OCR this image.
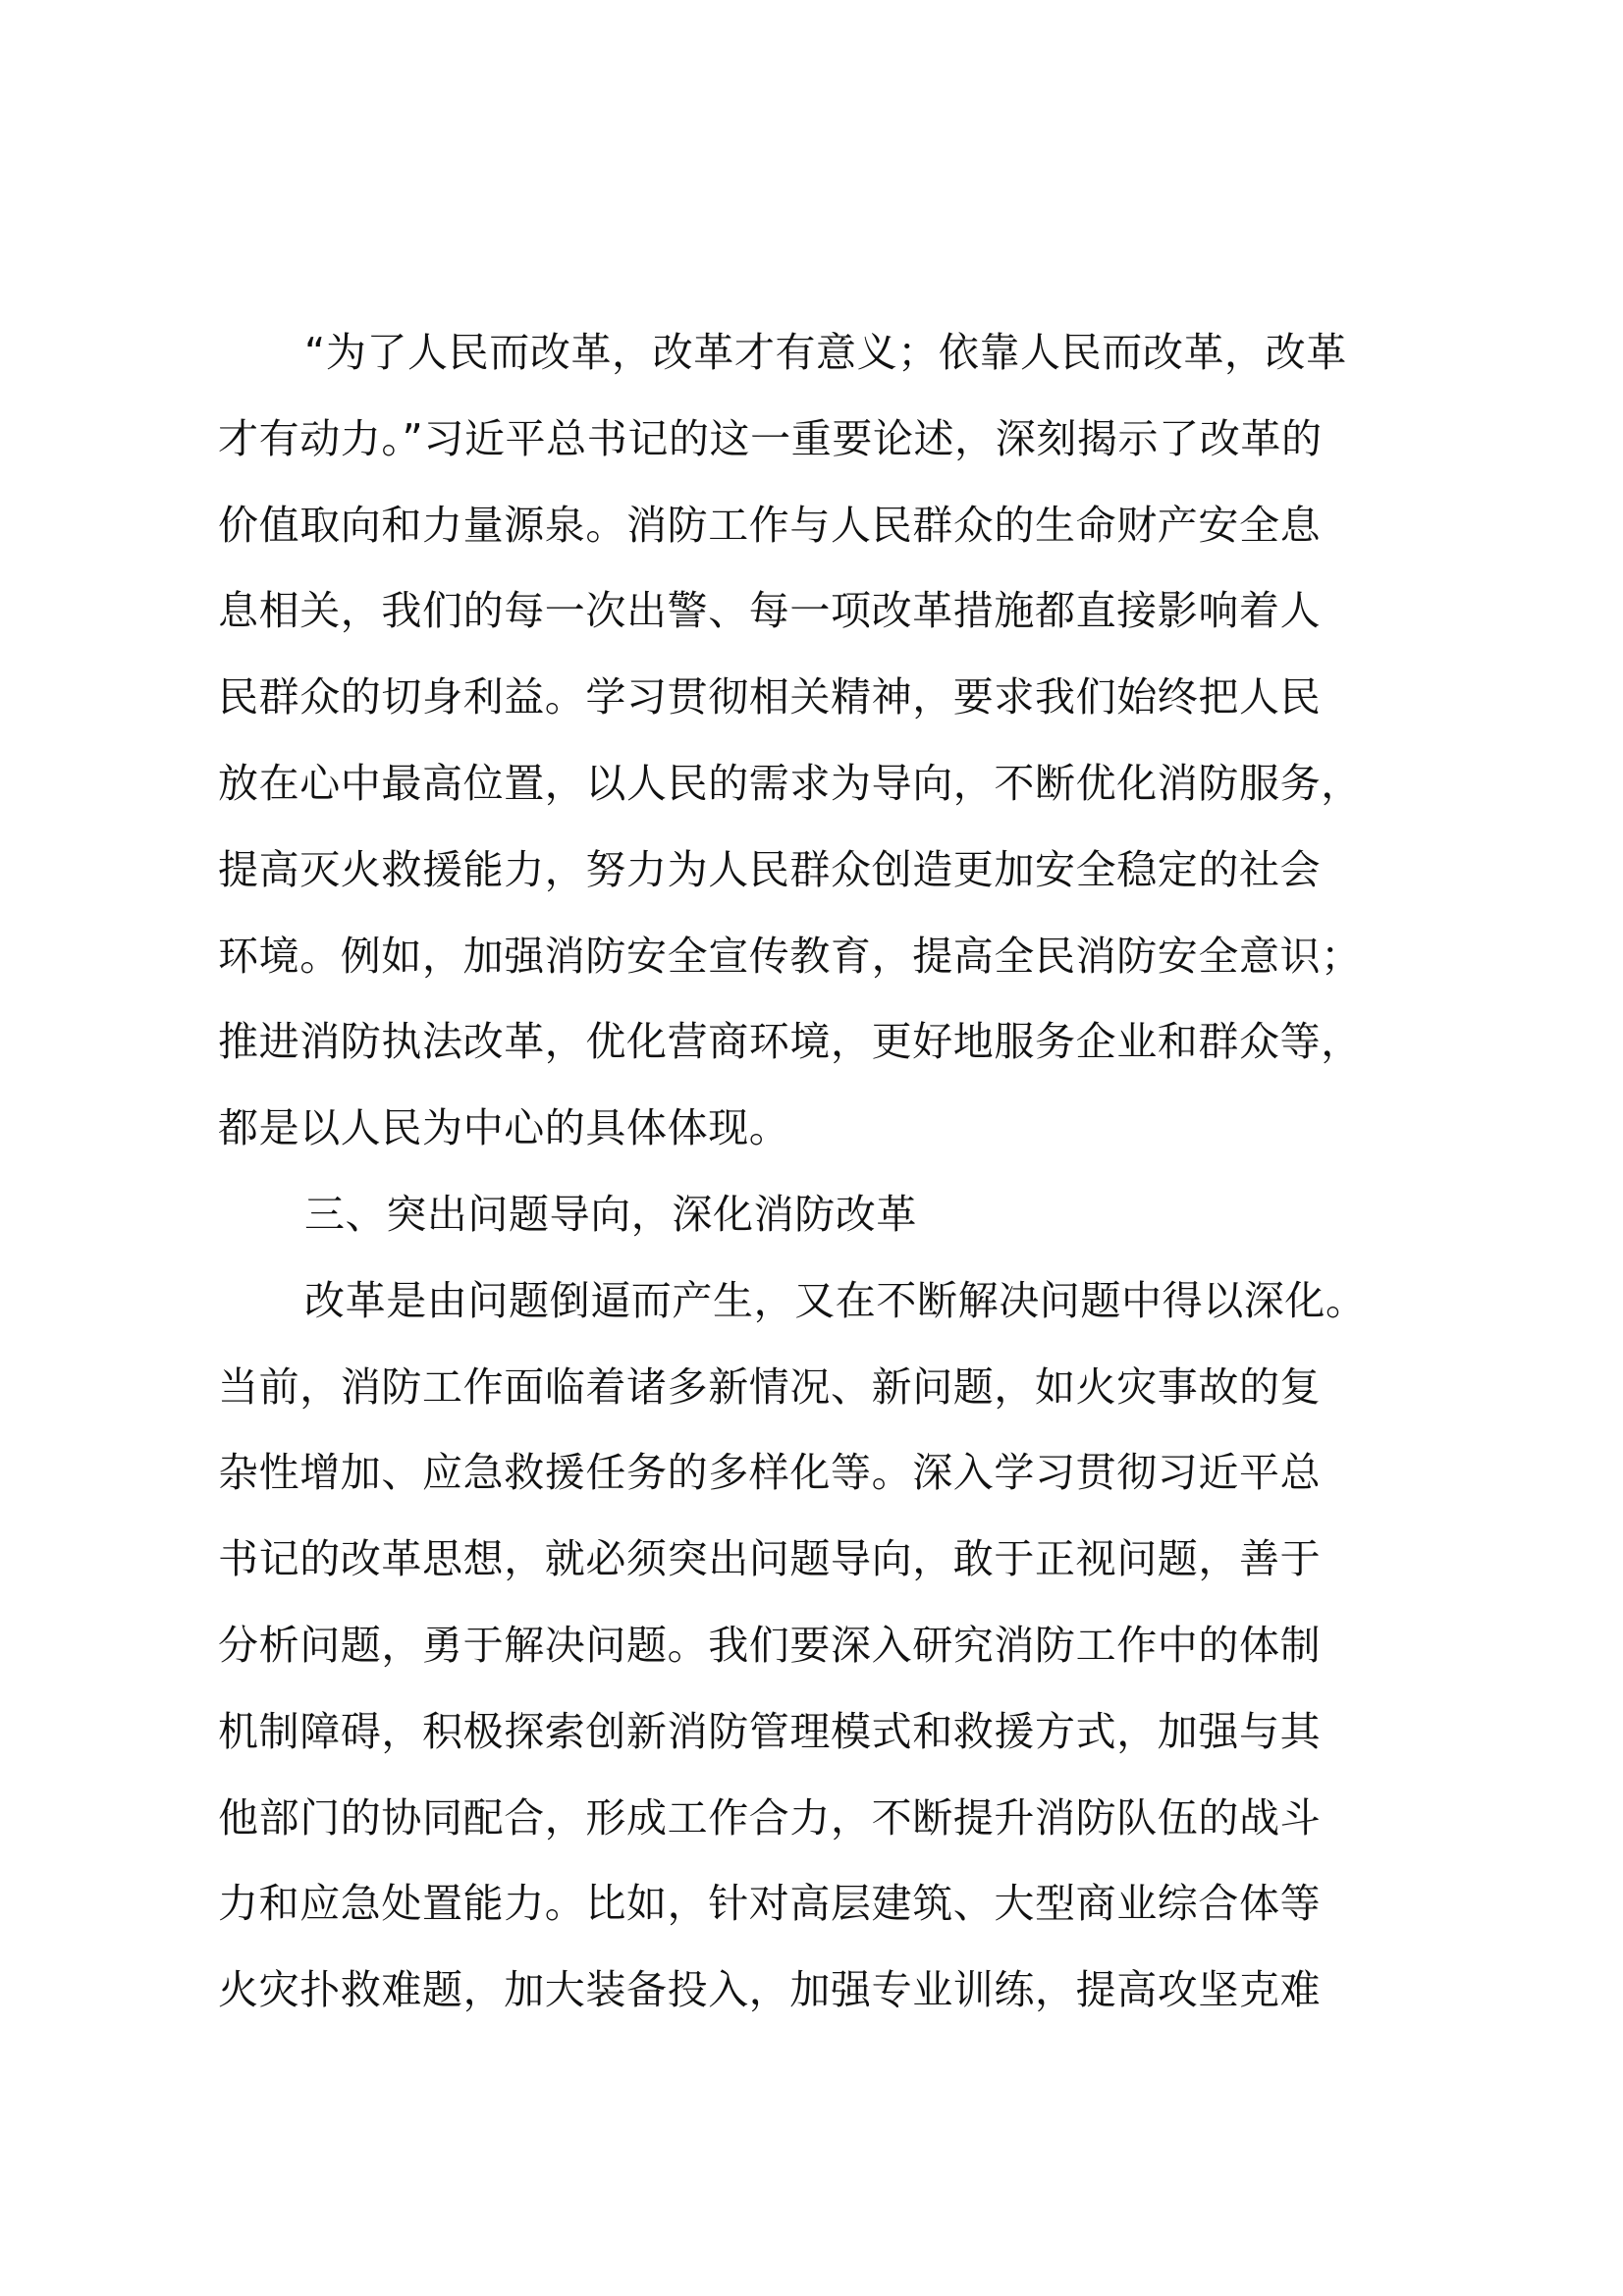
“为了人民而改革，改革才有意义；依靠人民而改革，改革
才有动力。”习近平总书记的这一重要论述，深刻揭示了改革的
价值取向和力量源泉。消防工作与人民群众的生命财产安全息
息相关，我们的每一次出警、每一项改革措施都直接影响着人
民群众的切身利益。学习贯彻相关精神，要求我们始终把人民
放在心中最高位置，以人民的需求为导向，不断优化消防服务，
提高灭火救援能力，努力为人民群众创造更加安全稳定的社会
环境。例如，加强消防安全宣传教育，提高全民消防安全意识；
推进消防执法改革，优化营商环境，更好地服务企业和群众等，
都是以人民为中心的具体体现。
三、突出问题导向，深化消防改革
改革是由问题倒逼而产生，又在不断解决问题中得以深化。
当前，消防工作面临着诸多新情况、新问题，如火灾事故的复
杂性增加、应急救援任务的多样化等。深入学习贯彻习近平总
书记的改革思想，就必须突出问题导向，敢于正视问题，善于
分析问题，勇于解决问题。我们要深入研究消防工作中的体制
机制障碍，积极探索创新消防管理模式和救援方式，加强与其
他部门的协同配合，形成工作合力，不断提升消防队伍的战斗
力和应急处置能力。比如，针对高层建筑、大型商业综合体等
火灾扑救难题，加大装备投入，加强专业训练，提高攻坚克难
